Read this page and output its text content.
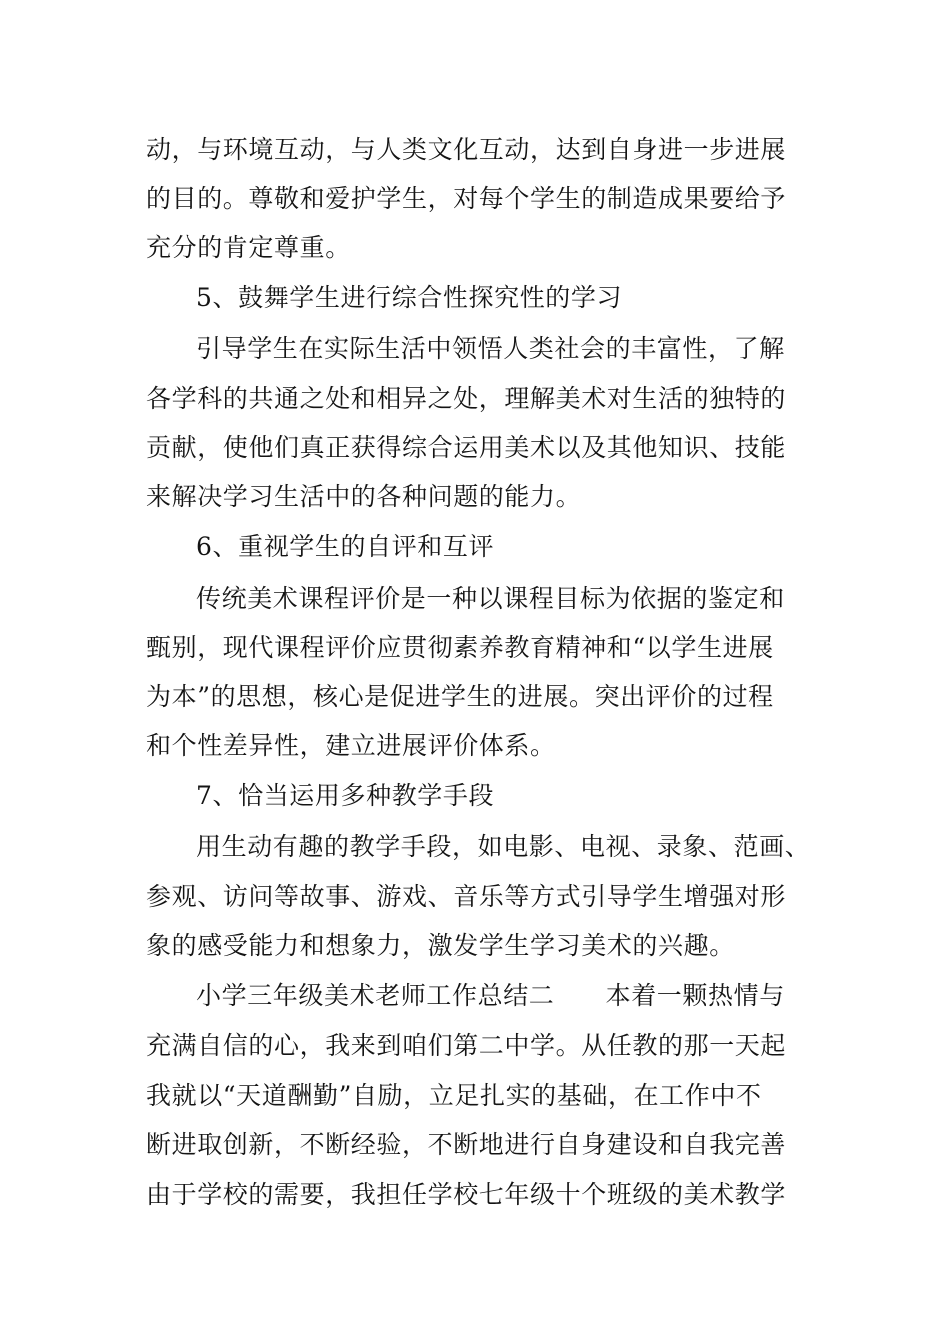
动，与环境互动，与人类文化互动，达到自身进一步进展
的目的。尊敬和爱护学生，对每个学生的制造成果要给予
充分的肯定尊重。
5、鼓舞学生进行综合性探究性的学习
引导学生在实际生活中领悟人类社会的丰富性，了解
各学科的共通之处和相异之处，理解美术对生活的独特的
贡献，使他们真正获得综合运用美术以及其他知识、技能
来解决学习生活中的各种问题的能力。
6、重视学生的自评和互评
传统美术课程评价是一种以课程目标为依据的鉴定和
甄别，现代课程评价应贯彻素养教育精神和“以学生进展
为本”的思想，核心是促进学生的进展。突出评价的过程
和个性差异性，建立进展评价体系。
7、恰当运用多种教学手段
用生动有趣的教学手段，如电影、电视、录象、范画、
参观、访问等故事、游戏、音乐等方式引导学生增强对形
象的感受能力和想象力，激发学生学习美术的兴趣。
小学三年级美术老师工作总结二　　本着一颗热情与
充满自信的心，我来到咱们第二中学。从任教的那一天起
我就以“天道酬勤”自励，立足扎实的基础，在工作中不
断进取创新，不断经验，不断地进行自身建设和自我完善
由于学校的需要，我担任学校七年级十个班级的美术教学
